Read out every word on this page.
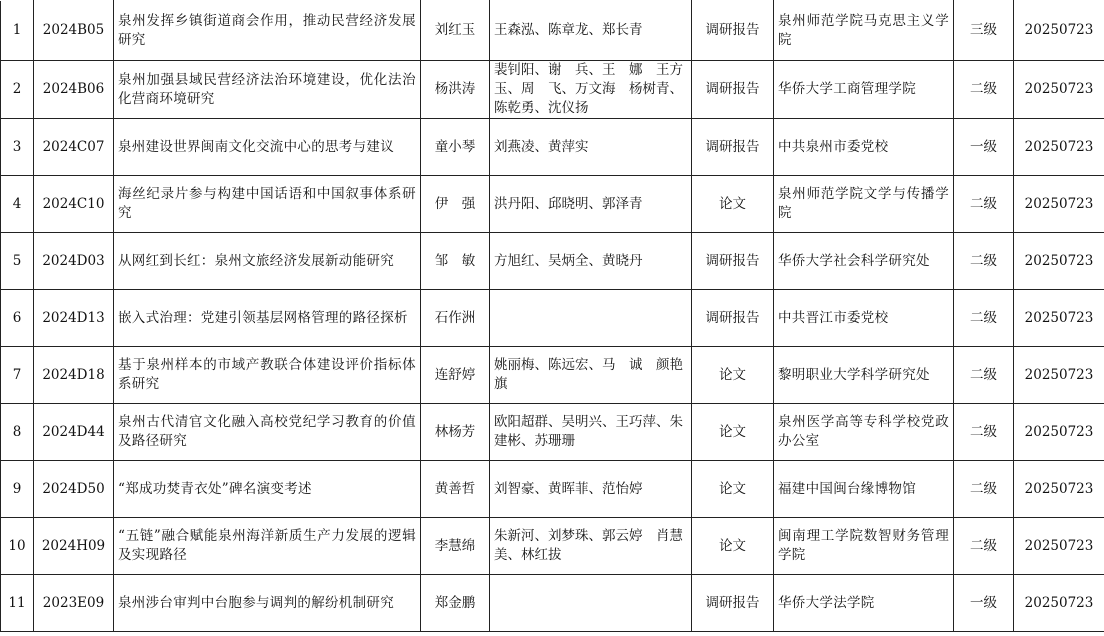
1	2024B05	泉州发挥乡镇街道商会作用，推动民营经济发展研究	刘红玉	王森泓、陈章龙、郑长青	调研报告	泉州师范学院马克思主义学院	三级	20250723
2	2024B06	泉州加强县域民营经济法治环境建设，优化法治化营商环境研究	杨洪涛	裴钊阳、谢　兵、王　娜　王方玉、周　飞、万文海　杨树青、陈乾勇、沈仪扬	调研报告	华侨大学工商管理学院	二级	20250723
3	2024C07	泉州建设世界闽南文化交流中心的思考与建议	童小琴	刘燕凌、黄萍实	调研报告	中共泉州市委党校	一级	20250723
4	2024C10	海丝纪录片参与构建中国话语和中国叙事体系研究	伊　强	洪丹阳、邱晓明、郭泽青	论文	泉州师范学院文学与传播学院	二级	20250723
5	2024D03	从网红到长红：泉州文旅经济发展新动能研究	邹　敏	方旭红、吴炳全、黄晓丹	调研报告	华侨大学社会科学研究处	二级	20250723
6	2024D13	嵌入式治理：党建引领基层网格管理的路径探析	石作洲		调研报告	中共晋江市委党校	二级	20250723
7	2024D18	基于泉州样本的市域产教联合体建设评价指标体系研究	连舒婷	姚丽梅、陈远宏、马　诚　颜艳旗	论文	黎明职业大学科学研究处	二级	20250723
8	2024D44	泉州古代清官文化融入高校党纪学习教育的价值及路径研究	林杨芳	欧阳超群、吴明兴、王巧萍、朱建彬、苏珊珊	论文	泉州医学高等专科学校党政办公室	二级	20250723
9	2024D50	“郑成功焚青衣处”碑名演变考述	黄善哲	刘智豪、黄晖菲、范怡婷	论文	福建中国闽台缘博物馆	二级	20250723
10	2024H09	“五链”融合赋能泉州海洋新质生产力发展的逻辑及实现路径	李慧绵	朱新河、刘梦珠、郭云婷　肖慧美、林红拔	论文	闽南理工学院数智财务管理学院	二级	20250723
11	2023E09	泉州涉台审判中台胞参与调判的解纷机制研究	郑金鹏		调研报告	华侨大学法学院	一级	20250723
